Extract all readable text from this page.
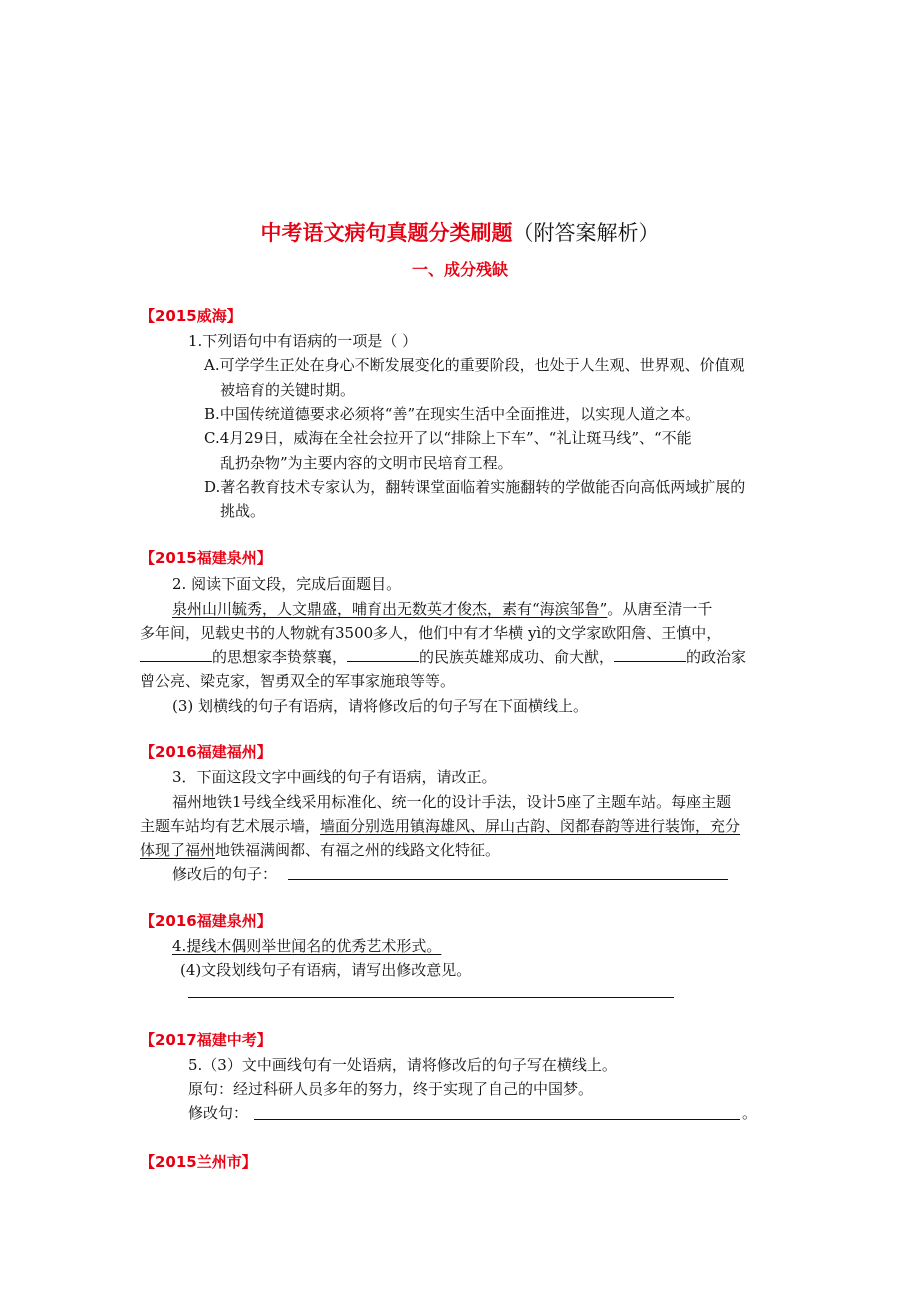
中考语文病句真题分类刷题（附答案解析）
一、成分残缺
【2015威海】
1.下列语句中有语病的一项是（ ）
A.可学学生正处在身心不断发展变化的重要阶段，也处于人生观、世界观、价值观
被培育的关键时期。
B.中国传统道德要求必须将“善”在现实生活中全面推进，以实现人道之本。
C.4月29日，威海在全社会拉开了以“排除上下车”、“礼让斑马线”、“不能
乱扔杂物”为主要内容的文明市民培育工程。
D.著名教育技术专家认为，翻转课堂面临着实施翻转的学做能否向高低两域扩展的
挑战。
【2015福建泉州】
2. 阅读下面文段，完成后面题目。
泉州山川毓秀，人文鼎盛，哺育出无数英才俊杰，素有“海滨邹鲁”。从唐至清一千
多年间，见载史书的人物就有3500多人，他们中有才华横 yì的文学家欧阳詹、王慎中，
的思想家李贽蔡襄，	的民族英雄郑成功、俞大猷，	的政治家
曾公亮、梁克家，智勇双全的军事家施琅等等。
(3) 划横线的句子有语病，请将修改后的句子写在下面横线上。
【2016福建福州】
3．下面这段文字中画线的句子有语病，请改正。
福州地铁1号线全线采用标准化、统一化的设计手法，设计5座了主题车站。每座主题
主题车站均有艺术展示墙，墙面分别选用镇海雄风、屏山古韵、闵都春韵等进行装饰，充分
体现了福州地铁福满闽都、有福之州的线路文化特征。
修改后的句子：
【2016福建泉州】
4.提线木偶则举世闻名的优秀艺术形式。
(4)文段划线句子有语病，请写出修改意见。
【2017福建中考】
5.（3）文中画线句有一处语病，请将修改后的句子写在横线上。
原句：经过科研人员多年的努力，终于实现了自己的中国梦。
修改句：	。
【2015兰州市】
